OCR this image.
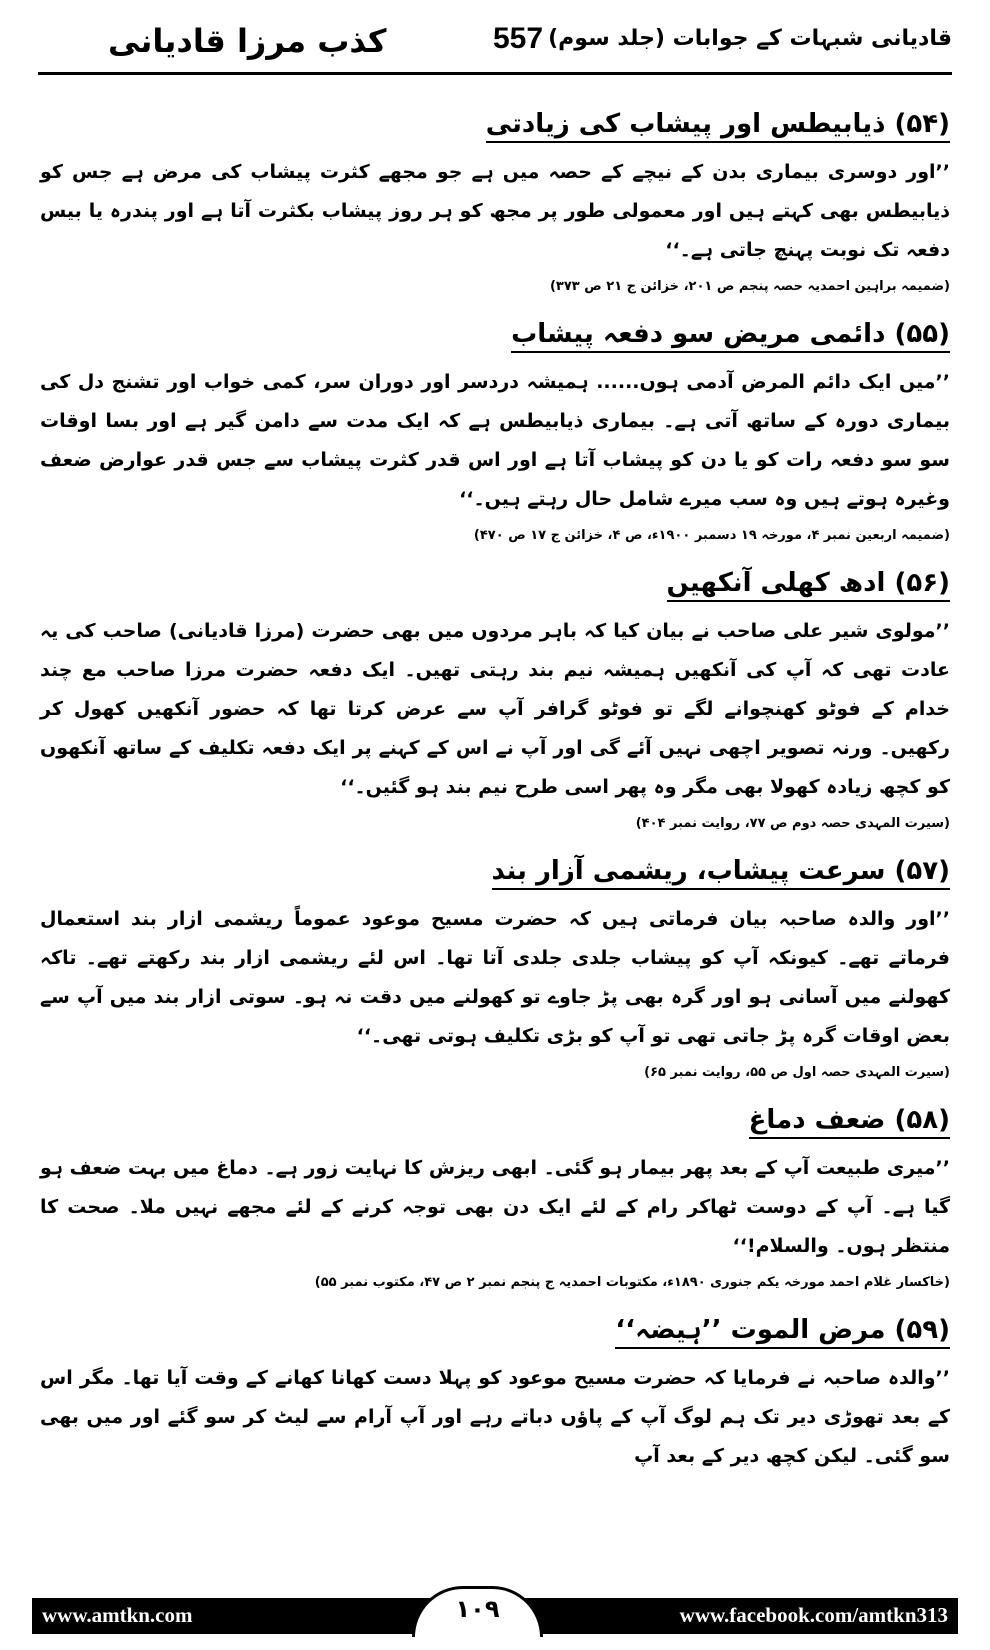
قادیانی شبہات کے جوابات (جلد سوم)
557
کذب مرزا قادیانی
(۵۴) ذیابیطس اور پیشاب کی زیادتی

’’اور دوسری بیماری بدن کے نیچے کے حصہ میں ہے جو مجھے کثرت پیشاب کی مرض ہے جس کو ذیابیطس بھی کہتے ہیں اور معمولی طور پر مجھ کو ہر روز پیشاب بکثرت آتا ہے اور پندرہ یا بیس دفعہ تک نوبت پہنچ جاتی ہے۔‘‘

(ضمیمہ براہین احمدیہ حصہ پنجم ص ۲۰۱، خزائن ج ۲۱ ص ۳۷۳)
(۵۵) دائمی مریض سو دفعہ پیشاب

’’میں ایک دائم المرض آدمی ہوں...... ہمیشہ دردسر اور دوران سر، کمی خواب اور تشنج دل کی بیماری دورہ کے ساتھ آتی ہے۔ بیماری ذیابیطس ہے کہ ایک مدت سے دامن گیر ہے اور بسا اوقات سو سو دفعہ رات کو یا دن کو پیشاب آتا ہے اور اس قدر کثرت پیشاب سے جس قدر عوارض ضعف وغیرہ ہوتے ہیں وہ سب میرے شامل حال رہتے ہیں۔‘‘

(ضمیمہ اربعین نمبر ۴، مورخہ ۱۹ دسمبر ۱۹۰۰ء، ص ۴، خزائن ج ۱۷ ص ۴۷۰)
(۵۶) ادھ کھلی آنکھیں

’’مولوی شیر علی صاحب نے بیان کیا کہ باہر مردوں میں بھی حضرت (مرزا قادیانی) صاحب کی یہ عادت تھی کہ آپ کی آنکھیں ہمیشہ نیم بند رہتی تھیں۔ ایک دفعہ حضرت مرزا صاحب مع چند خدام کے فوٹو کھنچوانے لگے تو فوٹو گرافر آپ سے عرض کرتا تھا کہ حضور آنکھیں کھول کر رکھیں۔ ورنہ تصویر اچھی نہیں آئے گی اور آپ نے اس کے کہنے پر ایک دفعہ تکلیف کے ساتھ آنکھوں کو کچھ زیادہ کھولا بھی مگر وہ پھر اسی طرح نیم بند ہو گئیں۔‘‘

(سیرت المہدی حصہ دوم ص ۷۷، روایت نمبر ۴۰۴)
(۵۷) سرعت پیشاب، ریشمی آزار بند

’’اور والدہ صاحبہ بیان فرماتی ہیں کہ حضرت مسیح موعود عموماً ریشمی ازار بند استعمال فرماتے تھے۔ کیونکہ آپ کو پیشاب جلدی جلدی آتا تھا۔ اس لئے ریشمی ازار بند رکھتے تھے۔ تاکہ کھولنے میں آسانی ہو اور گرہ بھی پڑ جاوے تو کھولنے میں دقت نہ ہو۔ سوتی ازار بند میں آپ سے بعض اوقات گرہ پڑ جاتی تھی تو آپ کو بڑی تکلیف ہوتی تھی۔‘‘

(سیرت المہدی حصہ اول ص ۵۵، روایت نمبر ۶۵)
(۵۸) ضعف دماغ

’’میری طبیعت آپ کے بعد پھر بیمار ہو گئی۔ ابھی ریزش کا نہایت زور ہے۔ دماغ میں بہت ضعف ہو گیا ہے۔ آپ کے دوست ٹھاکر رام کے لئے ایک دن بھی توجہ کرنے کے لئے مجھے نہیں ملا۔ صحت کا منتظر ہوں۔ والسلام!‘‘

(خاکسار غلام احمد مورخہ یکم جنوری ۱۸۹۰ء، مکتوبات احمدیہ ج پنجم نمبر ۲ ص ۴۷، مکتوب نمبر ۵۵)
(۵۹) مرض الموت ’’ہیضہ‘‘

’’والدہ صاحبہ نے فرمایا کہ حضرت مسیح موعود کو پہلا دست کھانا کھانے کے وقت آیا تھا۔ مگر اس کے بعد تھوڑی دیر تک ہم لوگ آپ کے پاؤں دباتے رہے اور آپ آرام سے لیٹ کر سو گئے اور میں بھی سو گئی۔ لیکن کچھ دیر کے بعد آپ

www.amtkn.com	۱۰۹	www.facebook.com/amtkn313
